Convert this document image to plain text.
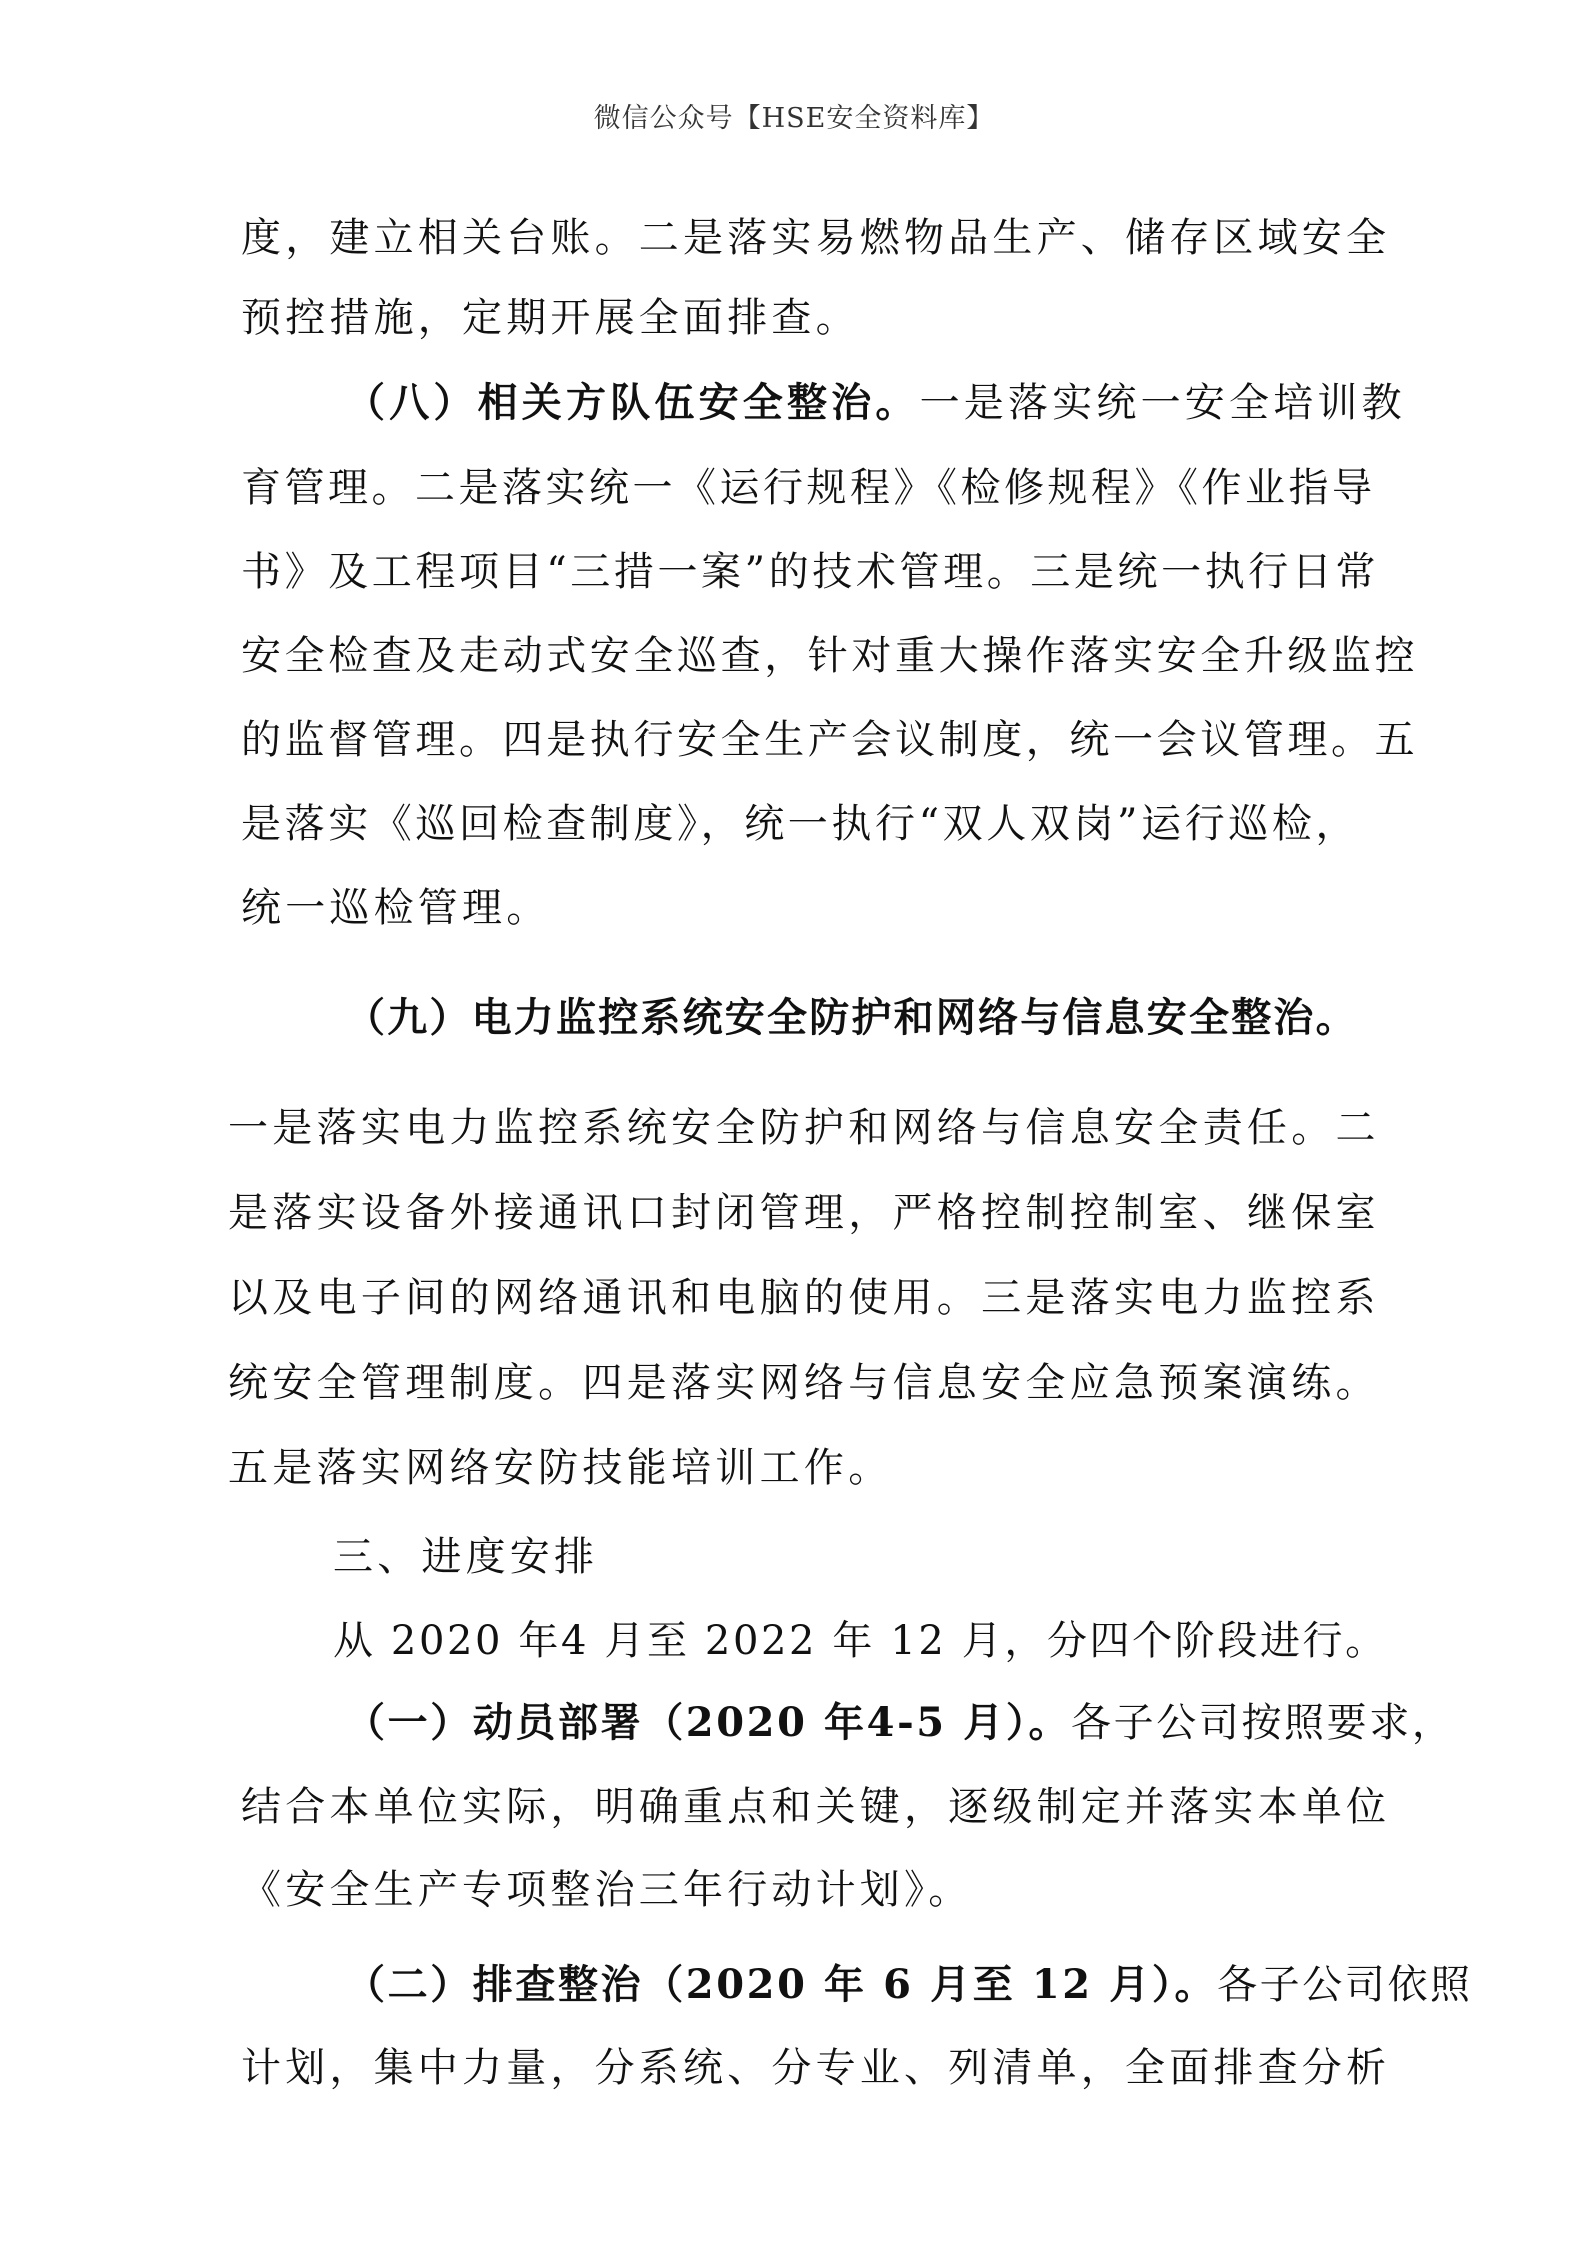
微信公众号【HSE安全资料库】
度，建立相关台账。二是落实易燃物品生产、储存区域安全
预控措施，定期开展全面排查。
（八）相关方队伍安全整治。一是落实统一安全培训教
育管理。二是落实统一《运行规程》《检修规程》《作业指导
书》及工程项目“三措一案”的技术管理。三是统一执行日常
安全检查及走动式安全巡查，针对重大操作落实安全升级监控
的监督管理。四是执行安全生产会议制度，统一会议管理。五
是落实《巡回检查制度》，统一执行“双人双岗”运行巡检，
统一巡检管理。
（九）电力监控系统安全防护和网络与信息安全整治。
一是落实电力监控系统安全防护和网络与信息安全责任。二
是落实设备外接通讯口封闭管理，严格控制控制室、继保室
以及电子间的网络通讯和电脑的使用。三是落实电力监控系
统安全管理制度。四是落实网络与信息安全应急预案演练。
五是落实网络安防技能培训工作。
三、进度安排
从 2020 年4 月至 2022 年 12 月，分四个阶段进行。
（一）动员部署（2020 年4-5 月）。各子公司按照要求，
结合本单位实际，明确重点和关键，逐级制定并落实本单位
《安全生产专项整治三年行动计划》。
（二）排查整治（2020 年 6 月至 12 月）。各子公司依照
计划，集中力量，分系统、分专业、列清单，全面排查分析
